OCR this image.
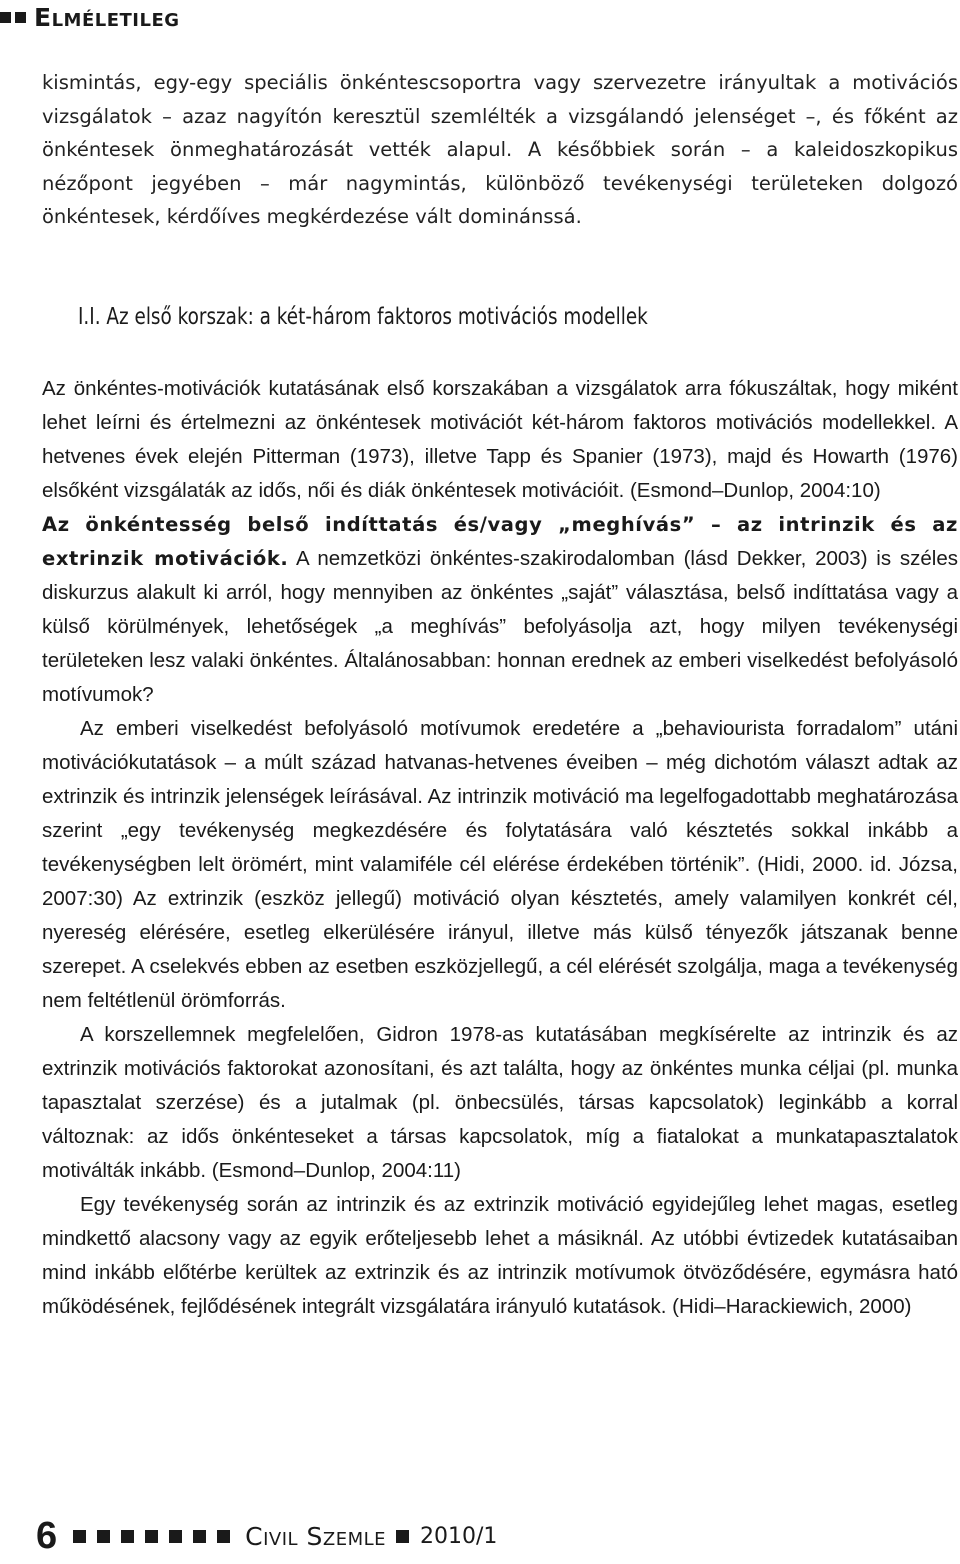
Elméletileg
kismintás, egy-egy speciális önkéntescsoportra vagy szervezetre irányultak a motivációs vizsgálatok – azaz nagyítón keresztül szemlélték a vizsgálandó jelenséget –, és főként az önkéntesek önmeghatározását vették alapul. A későbbiek során – a kaleidoszkopikus nézőpont jegyében – már nagymintás, különböző tevékenységi területeken dolgozó önkéntesek, kérdőíves megkérdezése vált dominánssá.
I.I. Az első korszak: a két-három faktoros motivációs modellek

Az önkéntes-motivációk kutatásának első korszakában a vizsgálatok arra fókuszáltak, hogy miként lehet leírni és értelmezni az önkéntesek motivációt két-három faktoros motivációs modellekkel. A hetvenes évek elején Pitterman (1973), illetve Tapp és Spanier (1973), majd és Howarth (1976) elsőként vizsgálaták az idős, női és diák önkéntesek motivációit. (Esmond–Dunlop, 2004:10)

Az önkéntesség belső indíttatás és/vagy „meghívás” – az intrinzik és az extrinzik motivációk. A nemzetközi önkéntes-szakirodalomban (lásd Dekker, 2003) is széles diskurzus alakult ki arról, hogy mennyiben az önkéntes „saját” választása, belső indíttatása vagy a külső körülmények, lehetőségek „a meghívás” befolyásolja azt, hogy milyen tevékenységi területeken lesz valaki önkéntes. Általánosabban: honnan erednek az emberi viselkedést befolyásoló motívumok?

Az emberi viselkedést befolyásoló motívumok eredetére a „behaviourista forradalom” utáni motivációkutatások – a múlt század hatvanas-hetvenes éveiben – még dichotóm választ adtak az extrinzik és intrinzik jelenségek leírásával. Az intrinzik motiváció ma legelfogadottabb meghatározása szerint „egy tevékenység megkezdésére és folytatására való késztetés sokkal inkább a tevékenységben lelt örömért, mint valamiféle cél elérése érdekében történik”. (Hidi, 2000. id. Józsa, 2007:30) Az extrinzik (eszköz jellegű) motiváció olyan késztetés, amely valamilyen konkrét cél, nyereség elérésére, esetleg elkerülésére irányul, illetve más külső tényezők játszanak benne szerepet. A cselekvés ebben az esetben eszközjellegű, a cél elérését szolgálja, maga a tevékenység nem feltétlenül örömforrás.

A korszellemnek megfelelően, Gidron 1978-as kutatásában megkísérelte az intrinzik és az extrinzik motivációs faktorokat azonosítani, és azt találta, hogy az önkéntes munka céljai (pl. munka tapasztalat szerzése) és a jutalmak (pl. önbecsülés, társas kapcsolatok) leginkább a korral változnak: az idős önkénteseket a társas kapcsolatok, míg a fiatalokat a munkatapasztalatok motiválták inkább. (Esmond–Dunlop, 2004:11)

Egy tevékenység során az intrinzik és az extrinzik motiváció egyidejűleg lehet magas, esetleg mindkettő alacsony vagy az egyik erőteljesebb lehet a másiknál. Az utóbbi évtizedek kutatásaiban mind inkább előtérbe kerültek az extrinzik és az intrinzik motívumok ötvöződésére, egymásra ható működésének, fejlődésének integrált vizsgálatára irányuló kutatások. (Hidi–Harackiewich, 2000)

6	Civil Szemle 2010/1
